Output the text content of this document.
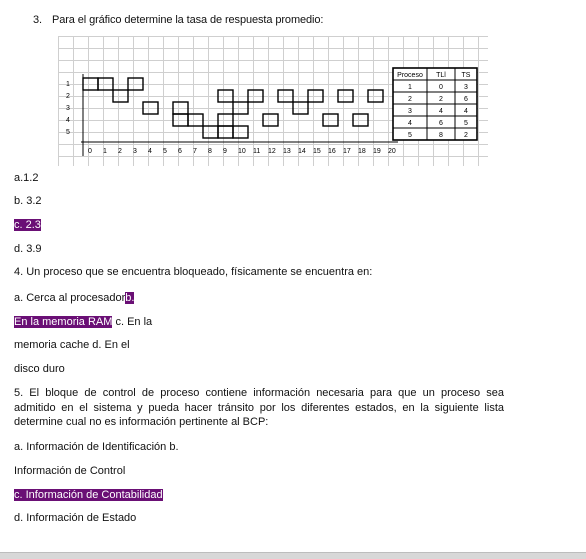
3. Para el gráfico determine la tasa de respuesta promedio:
1
2
3
4
5
0 1 2 3 4 5 6 7 8 9 10 11 12 13 14 15 16 17 18 19 20
Proceso TLl TS
1	0	3
2	2	6
3	4	4
4	6	5
5	8	2
a.1.2
b. 3.2
c. 2.3
d. 3.9
4. Un proceso que se encuentra bloqueado, físicamente se encuentra en:
a. Cerca al procesadorb.
En la memoria RAM c. En la
memoria cache d. En el
disco duro
5. El bloque de control de proceso contiene información necesaria para que un proceso sea admitido en el sistema y pueda hacer tránsito por los diferentes estados, en la siguiente lista determine cual no es información pertinente al BCP:
a. Información de Identificación b.
Información de Control
c. Información de Contabilidad
d. Información de Estado
